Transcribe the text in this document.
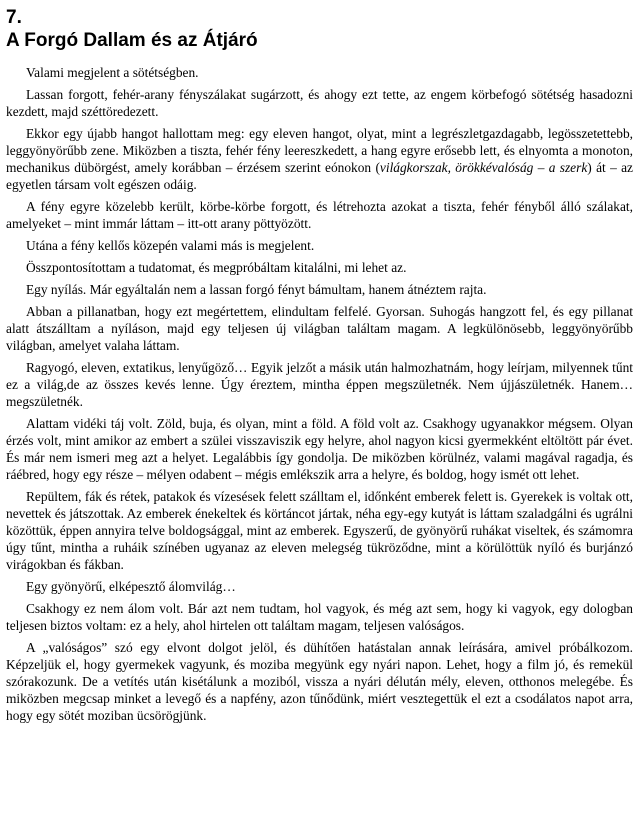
7.
A Forgó Dallam és az Átjáró

Valami megjelent a sötétségben.

Lassan forgott, fehér-arany fényszálakat sugárzott, és ahogy ezt tette, az engem körbefogó sötétség hasadozni kezdett, majd széttöredezett.

Ekkor egy újabb hangot hallottam meg: egy eleven hangot, olyat, mint a legrészletgazdagabb, legösszetettebb, leggyönyörűbb zene. Miközben a tiszta, fehér fény leereszkedett, a hang egyre erősebb lett, és elnyomta a monoton, mechanikus dübörgést, amely korábban – érzésem szerint eónokon (világkorszak, örökkévalóság – a szerk) át – az egyetlen társam volt egészen odáig.

A fény egyre közelebb került, körbe-körbe forgott, és létrehozta azokat a tiszta, fehér fényből álló szálakat, amelyeket – mint immár láttam – itt-ott arany pöttyözött.

Utána a fény kellős közepén valami más is megjelent.

Összpontosítottam a tudatomat, és megpróbáltam kitalálni, mi lehet az.

Egy nyílás. Már egyáltalán nem a lassan forgó fényt bámultam, hanem átnéztem rajta.

Abban a pillanatban, hogy ezt megértettem, elindultam felfelé. Gyorsan. Suhogás hangzott fel, és egy pillanat alatt átszálltam a nyíláson, majd egy teljesen új világban találtam magam. A legkülönösebb, leggyönyörűbb világban, amelyet valaha láttam.

Ragyogó, eleven, extatikus, lenyűgöző… Egyik jelzőt a másik után halmozhatnám, hogy leírjam, milyennek tűnt ez a világ,de az összes kevés lenne. Úgy éreztem, mintha éppen megszületnék. Nem újjászületnék. Hanem… megszületnék.

Alattam vidéki táj volt. Zöld, buja, és olyan, mint a föld. A föld volt az. Csakhogy ugyanakkor mégsem. Olyan érzés volt, mint amikor az embert a szülei visszaviszik egy helyre, ahol nagyon kicsi gyermekként eltöltött pár évet. És már nem ismeri meg azt a helyet. Legalábbis így gondolja. De miközben körülnéz, valami magával ragadja, és ráébred, hogy egy része – mélyen odabent – mégis emlékszik arra a helyre, és boldog, hogy ismét ott lehet.

Repültem, fák és rétek, patakok és vízesések felett szálltam el, időnként emberek felett is. Gyerekek is voltak ott, nevettek és játszottak. Az emberek énekeltek és körtáncot jártak, néha egy-egy kutyát is láttam szaladgálni és ugrálni közöttük, éppen annyira telve boldogsággal, mint az emberek. Egyszerű, de gyönyörű ruhákat viseltek, és számomra úgy tűnt, mintha a ruháik színében ugyanaz az eleven melegség tükröződne, mint a körülöttük nyíló és burjánzó virágokban és fákban.

Egy gyönyörű, elképesztő álomvilág…

Csakhogy ez nem álom volt. Bár azt nem tudtam, hol vagyok, és még azt sem, hogy ki vagyok, egy dologban teljesen biztos voltam: ez a hely, ahol hirtelen ott találtam magam, teljesen valóságos.

A „valóságos” szó egy elvont dolgot jelöl, és dühítően hatástalan annak leírására, amivel próbálkozom. Képzeljük el, hogy gyermekek vagyunk, és moziba megyünk egy nyári napon. Lehet, hogy a film jó, és remekül szórakozunk. De a vetítés után kisétálunk a moziból, vissza a nyári délután mély, eleven, otthonos melegébe. És miközben megcsap minket a levegő és a napfény, azon tűnődünk, miért vesztegettük el ezt a csodálatos napot arra, hogy egy sötét moziban ücsörögjünk.
